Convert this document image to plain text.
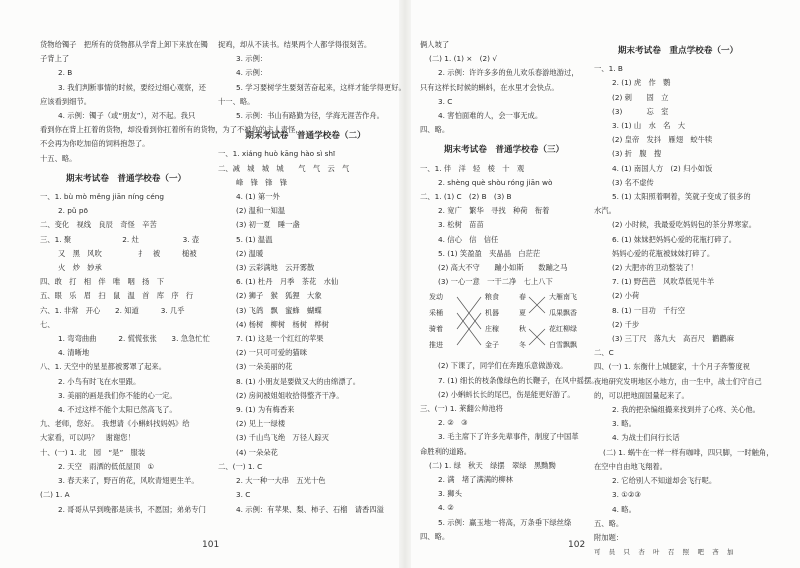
货物给镯子　把所有的货物都从学背上卸下来放在镯
子背上了
2. B
3. 我们判断事情的时候，要经过细心观察，还
应该看到细节。
4. 示例：镯子（或“朋友”），对不起。我只
看到你在背上扛着的货物，却没看到你扛着所有的货物，为了不被你的主人责怪，
不会再为你吃加倍的饲料抱怨了。
十五、略。
期末考试卷　普通学校卷（一）
一、1. bù mò měng jiān níng céng
2. pǔ pō
二、变化　视线　良辰　奇怪　辛苦
三、1. 聚　　　　　　　2. 灶　　　　　　3. 壶
又　黑　风吹　　　　　扌　被　　　槌被
火　炒　妙承
四、敢　打　相　伴　唯　咽　扬　下
五、眼　乐　眉　扫　鼠　温　首　库　序　行
六、1. 非常　开心　　2. 知道　　　3. 几乎
七、
1. 弯弯曲曲　　　2. 慌慌张张　　3. 急急忙忙
4. 清晰地
八、1. 天空中的星星都被雾罩了起来。
2. 小鸟有时飞在水里跟。
3. 美丽的画是我们你不能的心一定。
4. 不过这样不能个太阳已然高飞了。
九、老师，您好。　我想请《小蝌蚪找妈妈》给
大家看，可以吗？　谢谢您！
十、(一) 1. 北　园　“是”　服装
2. 天空　雨洒的低低屋顶　①
3. 春天来了，野百的花，风吹青翅更生羊。
(二) 1. A
2. 哥哥从早到晚都是读书，不愿国；弟弟专门
捉鸡，却从不读书。结果两个人都学得很刻苦。
3. 示例：
4. 示例：
5. 学习要树学生要刻苦奋起来，这样才能学得更好。
十一、略。
5. 示例：书山有路勤为径，学海无涯苦作舟。
期末考试卷　普通学校卷（二）
一、1. xiáng huò kāng hào sì shī
二、减　城　城　城　　气　气　云　气
峰　锋　锋　锋
4. (1) 第一外
(2) 温和一知温
(3) 初一夏　睡一盏
5. (1) 温温
(2) 温暖
(3) 云彩满地　云开雾散
6. (1) 杜丹　月季　茶花　水仙
(2) 狮子　猴　狐狸　大象
(3) 飞鸽　飘　蜜蜂　蝴蝶
(4) 杨树　柳树　杨树　桦树
7. (1) 这是一个红红的苹果
(2) 一只可可爱的猫咪
(3) 一朵美丽的花
8. (1) 小朋友是要做又大的由绵漂了。
(2) 房间被姐姐收拾得整齐干净。
9. (1) 为有梅香来
(2) 见上一绿楼
(3) 千山鸟飞绝　万径人踪灭
(4) 一朵朵花
二、(一) 1. C
2. 大一种一大串　五光十色
3. C
4. 示例：有苹果、梨、柿子、石榴　请香四溢
俩人坡了
(二) 1. (1) ×　(2) √
2. 示例：许许多多的鱼儿欢乐春游地游过，
只有这样长时候的蝌蚪，在水里才会快点。
3. C
4. 害怕面难的人，会一事无成。
四、略。
期末考试卷　普通学校卷（三）
一、1. 伴　洋　轻　棱　十　观
2. shèng què shòu róng jiān wò
二、1. (1) C　(2) B　(3) B
2. 宽广　繁华　寻找　种荷　衔着
3. 松树　苗苗
4. 信心　信　信任
5. (1) 笑盈盈　夹晶晶　白茫茫
(2) 高大不守　　蹦小如斯　　数蹦之马
(3) 一心一意　一干二净　七上八下
发动
采桶
骑着
推进
粮食
机器
庄稼
金子
春
夏
秋
冬
大雁南飞
瓜果飘香
花红柳绿
白雪飘飘
(2) 下课了，同学们在奔跑乐意做游戏。
7. (1) 细长的枝条像绿色的长鞭子，在风中摇摆。
(2) 小蝌蚪长长的尾巴，伤是能更好游了。
三、(一) 1. 莱翻公帅池将
2. ②　③
3. 毛主席下了许多先辈事件，制度了中国革
命胜利的道路。
(二) 1. 绿　秋天　绿摆　翠绿　黑黝黝
2. 满　堵了满满的柳林
3. 狮头
4. ②
5. 示例：赢玉地一将高，万条垂下绿丝绦
四、略。
期末考试卷　重点学校卷（一）
一、1. B
2. (1) 虎　作　鹦
(2) 刺　　固　立
(3) 　　　忘　室
3. (1) 山　水　名　大
(2) 皇帝　发抖　雁翅　蛟牛犊
(3) 折　腹　搜
4. (1) 南国人方　(2) 归小如饭
(3) 名不虚传
5. (1) 太阳照着啊着，笑就子变成了很多的
水汽。
(2) 小时候，我最爱吃妈妈包的茶分界寒家。
6. (1) 妹妹把妈妈心爱的花瓶打碎了。
妈妈心爱的花瓶被妹妹打碎了。
(2) 大肥亦的卫动整装了！
7. (1) 野芭芭　风吹草低见牛羊
(2) 小荷
8. (1) 一目功　千行空
(2) 千步
(3) 三丁尺　落九大　高百尺　鹳鹳麻
二、C
四、(一) 1. 东衡什上城腿家，十个月子奔警度祝
夜地研究发明地区小地方，由一生中，战士们守自己
的，可以把地面国量起来了。
2. 我的把杂编组撮来找到并了心疼、关心他。
3. 略。
4. 为战士们问行长话
(二) 1. 蜗牛在一样一样有咖啡，四只脚，一时触角，
在空中自由地飞翔着。
2. 它给别人不知道却会飞行呢。
3. ①②③
4. 略。
五、略。
附加题：
可　员　只　杏　叶　召　照　吧　吝　加
101	102
